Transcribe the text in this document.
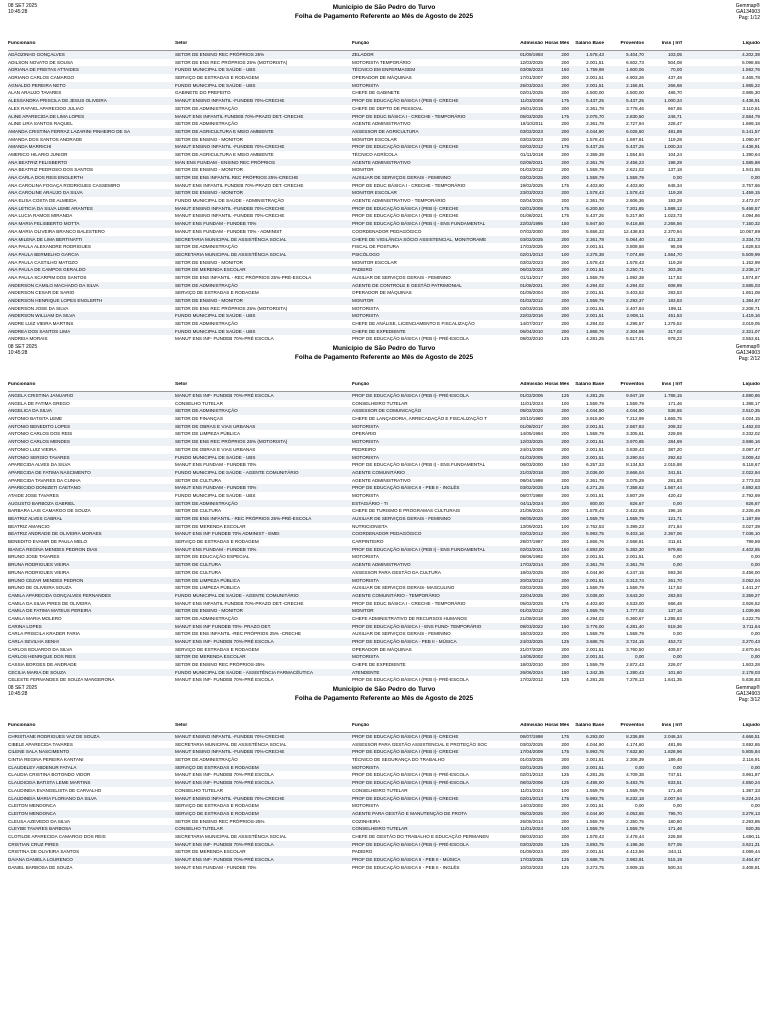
08 SET 2025
10:45:28
Município de São Pedro do Turvo
Folha de Pagamento Referente ao Mês de Agosto de 2025
Gemmap®
GA134903
Pag: 1/12
Funcionário	Setor	Função	Admissão Horas Mês	Salário Base	Proventos	Inss | Irrf	Líquido
ADÃOZINHO GONÇALVES	SETOR DE ENSINO REC PRÓPRIOS 25%	ZELADOR	01/09/1993	200	1.578,43	5.404,70	103,05	4.202,39
ADILSON NOVATO DE SOUSA	SETOR DE ENS REC PRÓPRIOS 25% (MOTORISTA)	MOTORISTA TEMPORÁRIO	12/03/2025	200	2.001,51	6.602,73	504,08	6.098,65
ADRIANA DE FREITAS ATTAIDES	FUNDO MUNICIPAL DE SAÚDE - UBS	TÉCNICO EM ENFERMAGEM	03/08/2023	150	1.759,98	1.600,06	70,00	1.592,76
ADRIANO CARLOS CAMARGO	SERVIÇO DE ESTRADAS E RODAGEM	OPERADOR DE MÁQUINAS	17/01/2007	200	2.001,51	4.903,26	437,48	4.465,78
AGNALDO PEREIRA NETO	FUNDO MUNICIPAL DE SAÚDE - UBS	MOTORISTA	25/03/2024	200	2.001,51	2.156,91	266,68	1.985,22
ALAN ARAUJO TAVARES	GABINETE DO PREFEITO	CHEFE DE GABINETE	02/01/2025	200	4.500,00	4.500,00	486,70	3.985,30
ALESSANDRA PRISCILA DE JESUS OLIVEIRA	MANUT ENSINO INFANTIL -FUNDEB 70%-CRECHE	PROF DE EDUCAÇÃO BÁSICA I (PEB I)- CRECHE	11/03/2008	175	5.437,25	5.437,25	1.000,34	4.436,91
ALEX RAFAEL APARECIDO JULIAO	SETOR DE ADMINISTRAÇÃO	CHEFE DE DEPTO DE PESSOAL	26/01/2015	200	2.361,78	3.778,46	667,65	3.110,81
ALINE APARECIDA DE LIMA LOPES	MANUT ENS INFANTIL FUNDEB 70%-PRAZO DET.-CRECHE	PROF DE EDUC BÁSICA I - CRECHE - TEMPORÁRIO	05/02/2025	175	2.075,70	2.830,50	246,71	2.584,79
ALINE LIRA SANTOS RAQUEL	SETOR DE ADMINISTRAÇÃO	AGENTE ADMINISTRATIVO	18/10/2011	200	2.361,78	2.727,94	228,47	1.699,18
AMANDA CRISTINA FERRAZ LAZARINI PINHEIRO DE SA	SETOR DE AGRICULTURA E MEIO AMBIENTE	ASSESSOR DE AGRICULTURA	03/02/2023	200	4.044,90	6.025,60	481,89	5.141,57
AMANDA DOS SANTOS ANDRADE	SETOR DE ENSINO - MONITOR	MONITOR ESCOLAR	03/02/2023	200	1.578,43	1.697,61	119,28	1.090,67
AMANDA MARRICHI	MANUT ENSINO INFANTIL -FUNDEB 70%-CRECHE	PROF DE EDUCAÇÃO BÁSICA I (PEB I)- CRECHE	02/02/2012	175	5.437,25	5.437,25	1.000,34	4.436,91
AMERICO HILARIO JUNIOR	SETOR DE AGRICULTURA E MEIO AMBIENTE	TÉCNICO AGRÍCOLA	01/11/2018	200	2.359,39	1.554,84	104,24	1.390,64
ANA BEATRIZ FELISBERTO	MAN ENS FUNDAM - ENSINO REC PRÓPRIOS	AGENTE ADMINISTRATIVO	02/08/2021	200	2.361,78	2.456,23	198,29	1.585,88
ANA BEATRIZ PEDROSO DOS SANTOS	SETOR DE ENSINO - MONITOR	MONITOR	01/02/2012	200	1.559,79	2.621,02	137,18	1.941,55
ANA CARLA DOS REIS ENGLERTH	SETOR DE ENS INFANTIL REC PRÓPRIOS 25%-CRECHE	AUXILIAR DE SERVIÇOS GERAIS - FEMININO	03/02/2025	200	1.559,79	1.559,79	0,00	0,00
ANA CAROLINA FOGAÇA RODRIGUES CASSEMIRO	MANUT ENS INFANTIL FUNDEB 70%-PRAZO DET.-CRECHE	PROF DE EDUC BÁSICA I - CRECHE - TEMPORÁRIO	19/02/2025	175	4.403,60	4.403,60	645,34	3.757,66
ANA CAROLINE ARAUJO DA SILVA	SETOR DE ENSINO - MONITOR	MONITOR ESCOLAR	23/03/2023	200	1.578,43	1.578,43	119,28	1.459,15
ANA ELISA COSTA DE ALMEIDA	FUNDO MUNICIPAL DE SAÚDE - ADMINISTRAÇÃO	AGENTE ADMINISTRATIVO - TEMPORÁRIO	02/04/2025	200	2.361,78	2.606,36	193,29	2.472,07
ANA LETICIA DA SILVA LEME ARANTES	MANUT ENSINO INFANTIL -FUNDEB 70%-CRECHE	PROF DE EDUCAÇÃO BÁSICA I (PEB I)- CRECHE	02/01/2008	175	6.200,50	7.201,85	1.588,12	5.468,57
ANA LUCIA RAMOS MIRANDA	MANUT ENSINO INFANTIL -FUNDEB 70%-CRECHE	PROF DE EDUCAÇÃO BÁSICA I (PEB I)- CRECHE	01/08/2021	175	5.437,25	5.217,80	1.023,73	4.094,66
ANA MARIA FELISBERTO MOTTA	MANUT ENS FUNDAM - FUNDEB 70%	PROF DE EDUCAÇÃO BÁSICA I (PEB I) - ENS FUNDAMENTAL	22/03/1995	150	5.947,50	9.416,88	2.266,56	7.150,32
ANA MARIA OLIVEIRA BRANCO BALESTERO	MANUT ENS FUNDAM - FUNDEB 70% - ADMINIST	COORDENADOR PEDAGÓGICO	07/02/2000	200	5.656,33	12.438,83	2.370,94	10.067,89
ANA MILENA DE LIMA BERTINATTI	SECRETARIA MUNICIPAL DE ASSISTÊNCIA SOCIAL	CHEFE DE VIGILÂNCIA SÓCIO ASSISTENCIAL, MONITORAME	03/02/2025	200	2.361,78	5.064,40	431,33	3.334,73
ANA PAULA ALEXANDRE RODRIGUES	SETOR DE ADMINISTRAÇÃO	FISCAL DE POSTURA	17/03/2025	200	2.001,51	3.808,68	95,08	1.628,53
ANA PAULA BERMELHO GARCIA	SECRETARIA MUNICIPAL DE ASSISTÊNCIA SOCIAL	PSICÓLOGO	02/01/2013	100	3.275,38	7.074,69	1.564,70	5.509,99
ANA PAULA CASTILHO MATOZO	SETOR DE ENSINO - MONITOR	MONITOR ESCOLAR	03/02/2023	200	1.578,43	1.578,43	119,28	1.152,99
ANA PAULA DE CAMPOS GERALDO	SETOR DE MERENDA ESCOLAR	PADEIRO	06/02/2023	200	2.001,51	3.250,71	303,35	2.238,17
ANA PAULA SCARPIM DOS SANTOS	SETOR DE ENS INFANTIL - REC PRÓPRIOS 25%-PRÉ-ESCOLA	AUXILIAR DE SERVIÇOS GERAIS - FEMININO	01/11/2017	200	1.559,79	1.992,39	117,52	1.874,87
ANDERSON CAMILO MACHADO DA SILVA	SETOR DE ADMINISTRAÇÃO	AGENTE DE CONTROLE E GESTÃO PATRIMONIAL	01/08/2021	200	4.294,02	4.294,02	608,99	3.685,03
ANDERSON CESAR DE SARIO	SERVIÇO DE ESTRADAS E RODAGEM	OPERADOR DE MÁQUINAS	01/09/2004	200	2.001,51	3.403,52	283,53	1.651,08
ANDERSON HENRIQUE LOPES ENGLERTH	SETOR DE ENSINO - MONITOR	MONITOR	01/02/2012	200	1.559,79	2.293,37	183,63	1.384,67
ANDERSON JOSE DA SILVA	SETOR DE ENS REC PRÓPRIOS 25% (MOTORISTA)	MOTORISTA	02/03/2015	200	2.001,51	2.407,84	199,11	2.208,71
ANDERSON WILLIAM DA SILVA	FUNDO MUNICIPAL DE SAÚDE - UBS	MOTORISTA	22/02/2016	200	2.001,51	2.908,11	451,53	1.419,16
ANDRE LUIZ VIEIRA MARTINS	SETOR DE ADMINISTRAÇÃO	CHEFE DE ANÁLISE, LICENCIAMENTO E FISCALIZAÇÃO	14/07/2017	200	4.294,02	4.295,57	1.276,52	3.019,05
ANDREA DOS SANTOS LIMA	FUNDO MUNICIPAL DE SAÚDE - UBS	CHEFE DE EXPEDIENTE	06/04/2010	200	1.868,76	2.304,59	317,02	2.321,07
ANDREIA MORAIS	MANUT ENS INF- FUNDEB 70%-PRÉ ESCOLA	PROF DE EDUCAÇÃO BÁSICA I (PEB I)- PRÉ-ESCOLA	08/03/2010	125	4.281,25	5.517,01	978,23	3.553,61
08 SET 2025
10:45:28
Município de São Pedro do Turvo
Folha de Pagamento Referente ao Mês de Agosto de 2025
Gemmap®
GA134903
Pag: 2/12
Funcionário	Setor	Função	Admissão Horas Mês	Salário Base	Proventos	Inss | Irrf	Líquido
ANGELA CRISTINA JANUARIO	MANUT ENS INF- FUNDEB 70%-PRÉ ESCOLA	PROF DE EDUCAÇÃO BÁSICA I (PEB I)- PRÉ-ESCOLA	01/02/2006	125	4.281,25	9.947,19	1.788,15	4.890,86
ANGELA DE FATIMA GREGO	CONSELHO TUTELAR	CONSELHEIRO TUTELAR	11/01/2024	100	1.559,79	1.559,79	171,46	1.388,17
ANGELICA DA SILVA	SETOR DE ADMINISTRAÇÃO	ASSESSOR DE COMUNICAÇÃO	05/02/2025	200	4.044,90	4.044,90	536,55	3.510,35
ANTONIO BATISTA LEME	SETOR DE FINANÇAS	CHEFE DE LANÇADORIA, ARRECADAÇÃO E FISCALIZAÇÃO T	20/10/1980	200	3.915,90	7.212,99	1.665,75	4.024,15
ANTONIO BENEDITO LOPES	SETOR DE OBRAS E VIAS URBANAS	MOTORISTA	01/08/2017	200	2.001,51	2.567,83	208,32	1.462,03
ANTONIO CARLOS DOS REIS	SETOR DE LIMPEZA PÚBLICA	OPERÁRIO	14/05/1994	200	1.559,79	3.305,61	229,59	3.332,02
ANTONIO CARLOS MENDES	SETOR DE ENS REC PRÓPRIOS 25% (MOTORISTA)	MOTORISTA	12/03/2025	200	2.001,51	3.970,85	284,69	3.686,16
ANTONIO LUIZ VIEIRA	SETOR DE OBRAS E VIAS URBANAS	PEDREIRO	24/01/2008	200	2.001,51	3.839,43	387,20	3.087,47
ANTONIO SERGIO TAVARES	FUNDO MUNICIPAL DE SAÚDE - UBS	MOTORISTA	01/03/2005	200	2.001,51	3.290,04	292,62	3.009,42
APARECIDA ALVES DA SILVA	MANUT ENS FUNDAM - FUNDEB 70%	PROF DE EDUCAÇÃO BÁSICA I (PEB I) - ENS FUNDAMENTAL	06/03/2000	150	6.257,33	8.134,53	2.015,88	6.118,67
APARECIDA DE FATIMA NASCIMENTO	FUNDO MUNICIPAL DE SAÚDE - AGENTE COMUNITÁRIO	AGENTE COMUNITÁRIO	21/03/2018	200	3.036,00	3.666,04	341,51	2.022,94
APARECIDA TAVARES DA CUNHA	SETOR DE CULTURA	AGENTE ADMINISTRATIVO	08/04/1998	200	2.361,78	3.075,29	281,83	2.773,03
APARECIDO DONIZETI CAETANO	MANUT ENS FUNDAM - FUNDEB 70%	PROF DE EDUCAÇÃO BÁSICA II - PEB II - INGLÊS	03/02/2025	125	4.271,25	7.358,62	1.567,44	4.892,63
ATAIDE JOSE TAVARES	FUNDO MUNICIPAL DE SAÚDE - UBS	MOTORISTA	06/07/1988	200	2.001,51	3.807,29	420,42	2.792,69
AUGUSTO BARBOZA GABRIEL	SETOR DE ADMINISTRAÇÃO	ESTAGIÁRIO - TI	04/11/2024	200	800,00	826,67	0,00	826,67
BARBARA LAIS CAMARGO DE SOUZA	SETOR DE CULTURA	CHEFE DE TURISMO E PROGRAMAS CULTURAIS	21/06/2024	200	1.578,43	2.422,65	196,16	2.226,49
BEATRIZ ALVES CABRAL	SETOR DE ENS INFANTIL - REC PRÓPRIOS 25%-PRÉ-ESCOLA	AUXILIAR DE SERVIÇOS GERAIS - FEMININO	08/05/2025	200	1.559,79	1.559,79	121,71	1.187,69
BEATRIZ AMANCIO	SETOR DE MERENDA ESCOLAR	NUTRICIONISTA	13/09/2021	100	2.762,53	3.399,23	371,84	3.027,39
BEATRIZ ANDRADE DE OLIVEIRA MORAES	MANUT ENS INF FUNDEB 70% ADMINIST - EMEI	COORDENADOR PEDAGÓGICO	02/02/2012	200	5.993,75	9.403,16	2.367,06	7.036,10
BENEDITO EVANIR DE PAULA MELO	SERVIÇO DE ESTRADAS E RODAGEM	CARPINTEIRO	29/07/1987	200	1.866,76	2.568,81	311,61	799,59
BIANCA REGINA MENDES PEDRON DIAS	MANUT ENS FUNDAM - FUNDEB 70%	PROF DE EDUCAÇÃO BÁSICA I (PEB I) - ENS FUNDAMENTAL	02/02/2021	150	4.893,00	5.382,30	979,65	4.402,65
BRUNO JOSE TAVARES	SETOR DE EDUCAÇÃO ESPECIAL	MOTORISTA	08/06/1992	200	2.001,51	2.001,51	0,00	0,00
BRUNA RODRIGUES VIEIRA	SETOR DE CULTURA	AGENTE ADMINISTRATIVO	17/02/2014	200	2.361,78	2.361,78	0,00	0,00
BRUNA RODRIGUES VIEIRA	SETOR DE CULTURA	ASSESSOR PARA GESTÃO DA CULTURA	18/02/2025	200	4.044,90	4.247,15	593,36	3.456,00
BRUNO CEZAR MENDES PEDRON	SETOR DE LIMPEZA PÚBLICA	MOTORISTA	20/02/2013	200	2.001,51	3.313,74	261,70	3.052,04
BRUNO DE OLIVEIRA SOUZA	SETOR DE LIMPEZA PÚBLICA	AUXILIAR DE SERVIÇOS GERAIS- MASCULINO	03/02/2025	200	1.559,79	1.559,79	117,52	1.441,27
CAMILA APARECIDA GONÇALVES FERNANDES	FUNDO MUNICIPAL DE SAÚDE - AGENTE COMUNITÁRIO	AGENTE COMUNITÁRIO - TEMPORÁRIO	22/04/2025	200	3.036,00	3.643,20	283,93	3.359,27
CAMILA DA SILVA PIRES DE OLIVEIRA	MANUT ENS INFANTIL FUNDEB 70%-PRAZO DET.-CRECHE	PROF DE EDUC BÁSICA I - CRECHE - TEMPORÁRIO	05/02/2025	175	4.403,60	4.533,00	666,48	3.926,52
CAMILA DE FATIMA MATEUS PEREIRA	SETOR DE ENSINO - MONITOR	MONITOR	01/02/2012	200	1.559,79	1.777,02	137,16	1.039,86
CAMILA MARIA MOLERO	SETOR DE ADMINISTRAÇÃO	CHEFE ADMINISTRATIVO DE RECURSOS HUMANOS	21/08/2018	200	4.294,02	6.360,67	1.295,83	4.222,75
CARINA LOPES	MANUT ENS INF FUNDEB 70%- PRAZO DET.	PROF DE EDUCAÇÃO BÁSICA I - ENS FUND- TEMPORÁRIO	09/03/2022	150	3.776,00	4.281,40	519,36	3.711,64
CARLA PRISCILA KRADER FARIA	SETOR DE ENS INFANTIL -REC PRÓPRIOS 25% -CRECHE	AUXILIAR DE SERVIÇOS GERAIS - FEMININO	18/03/2022	200	1.559,79	1.559,79	0,00	0,00
CARLA SEVILHA SENHI	MANUT ENS INF- FUNDEB 70%-PRÉ ESCOLA	PROF DE EDUCAÇÃO BÁSICA - PEB II - MÚSICA	24/03/2025	125	3.688,75	3.724,15	453,72	3.270,43
CARLOS EDUARDO DA SILVA	SERVIÇO DE ESTRADAS E RODAGEM	OPERADOR DE MÁQUINAS	21/07/2020	200	2.001,51	3.760,50	409,57	2.670,94
CARLOS HENRIQUE DOS REIS	SETOR DE MERENDA ESCOLAR	MOTORISTA	14/05/2002	200	2.001,51	0,00	0,00	0,00
CASSIA BORGES DE ANDRADE	SETOR DE ENSINO REC PRÓPRIOS-25%	CHEFE DE EXPEDIENTE	18/03/2010	200	1.559,79	2.872,43	226,07	1.503,28
CECILIA MARIA DE SOUZA	FUNDO MUNICIPAL DE SAÚDE - ASSISTÊNCIA FARMACÊUTICA	ATENDENTE	26/06/2024	150	1.342,35	1.280,43	101,60	2.178,03
CELESTE FERNANDES DE SOUZA MANGERONA	MANUT ENS INF- FUNDEB 70%-PRÉ ESCOLA	PROF DE EDUCAÇÃO BÁSICA I (PEB I)- PRÉ-ESCOLA	17/02/2012	125	4.281,25	7.278,13	1.641,35	5.636,83
08 SET 2025
10:45:28
Município de São Pedro do Turvo
Folha de Pagamento Referente ao Mês de Agosto de 2025
Gemmap®
GA134903
Pag: 3/12
Funcionário	Setor	Função	Admissão Horas Mês	Salário Base	Proventos	Inss | Irrf	Líquido
CHRISTIANE RODRIGUES VAZ DE SOUZA	MANUT ENSINO INFANTIL -FUNDEB 70%-CRECHE	PROF DE EDUCAÇÃO BÁSICA I (PEB I)- CRECHE	06/07/1998	175	6.293,00	8.236,89	2.046,34	4.666,51
CIBELE APARECIDA TAVARES	SECRETARIA MUNICIPAL DE ASSISTÊNCIA SOCIAL	ASSESSOR PARA GESTÃO ASSISTENCIAL E PROTEÇÃO SOC	03/02/2025	200	4.044,90	4.174,60	481,95	3.692,65
CILENE SALA NASCIMENTO	MANUT ENSINO INFANTIL -FUNDEB 70%-CRECHE	PROF DE EDUCAÇÃO BÁSICA I (PEB I)- CRECHE	17/04/2009	175	5.993,75	7.632,80	1.828,96	5.805,84
CINTIA REGINA PEREIRA KANTANI	SETOR DE ADMINISTRAÇÃO	TÉCNICO DE SEGURANÇA DO TRABALHO	01/03/2025	200	2.001,51	2.306,39	189,48	2.116,91
CLAUDELEY ABDENUR FATALA	SERVIÇO DE ESTRADAS E RODAGEM	MOTORISTA	02/01/2025	200	2.001,51	0,00	0,00	0,00
CLAUDIA CRISTINA BOTONDO VIDOR	MANUT ENS INF- FUNDEB 70%-PRÉ ESCOLA	PROF DE EDUCAÇÃO BÁSICA I (PEB I)- PRÉ-ESCOLA	02/01/2013	125	4.281,25	4.709,38	747,51	3.961,87
CLAUDICEIA BATISTA LEME MARTINS	MANUT ENS INF- FUNDEB 70%-PRÉ ESCOLA	PROF DE EDUCAÇÃO BÁSICA I (PEB I)- PRÉ-ESCOLA	08/02/2006	125	4.495,00	5.483,75	633,51	4.850,24
CLAUDINEIA EVANGELISTA DE CARVALHO	CONSELHO TUTELAR	CONSELHEIRO TUTELAR	11/01/2024	100	1.559,79	1.559,79	171,46	1.387,33
CLAUDINEIA MARIA FLORIANO DA SILVA	MANUT ENSINO INFANTIL -FUNDEB 70%-CRECHE	PROF DE EDUCAÇÃO BÁSICA I (PEB I)- CRECHE	02/01/2013	175	5.993,75	8.232,18	2.007,94	6.224,24
CLEITON MENDONCA	SERVIÇO DE ESTRADAS E RODAGEM	MOTORISTA	14/03/2002	200	2.001,51	0,00	0,00	0,00
CLEITON MENDONCA	SERVIÇO DE ESTRADAS E RODAGEM	AGENTE PARA GESTÃO E MANUTENÇÃO DE FROTA	05/02/2025	200	4.044,90	4.053,65	795,70	3.278,13
CLEUSA AZEVEDO DA SILVA	SETOR DE ENSINO REC PRÓPRIOS-25%	COZINHEIRA	26/05/2014	200	1.559,79	2.350,75	180,80	2.293,95
CLEYBE TAVARES BARBOSA	CONSELHO TUTELAR	CONSELHEIRO TUTELAR	11/01/2024	100	1.559,79	1.559,79	171,46	920,35
CLOTILDE APARECIDA CAMARGO DOS REIS	SECRETARIA MUNICIPAL DE ASSISTÊNCIA SOCIAL	CHEFE DE GESTÃO DO TRABALHO E EDUCAÇÃO PERMANEN	08/03/2010	200	1.578,43	2.478,44	226,58	1.690,11
CRISTIAN CRUZ PIRES	MANUT ENS INF- FUNDEB 70%-PRÉ ESCOLA	PROF DE EDUCAÇÃO BÁSICA I (PEB I)- PRÉ-ESCOLA	03/03/2025	125	3.893,75	4.198,36	577,05	3.621,31
CRISTINA DE OLIVEIRA SANTOS	SETOR DE MERENDA ESCOLAR	PADEIRO	01/09/2024	200	2.001,51	4.413,56	344,11	4.069,44
DAIANA DANIELA LOURENCO	MANUT ENS INF- FUNDEB 70%-PRÉ ESCOLA	PROF DE EDUCAÇÃO BÁSICA II - PEB II - MÚSICA	17/03/2025	125	3.688,75	3.983,91	515,19	3.464,67
DANIEL BARBOSA DE SOUZA	MANUT ENS FUNDAM - FUNDEB 70%	PROF DE EDUCAÇÃO BÁSICA II - PEB II - INGLÊS	10/02/2023	125	3.273,75	3.909,15	500,34	3.408,81
